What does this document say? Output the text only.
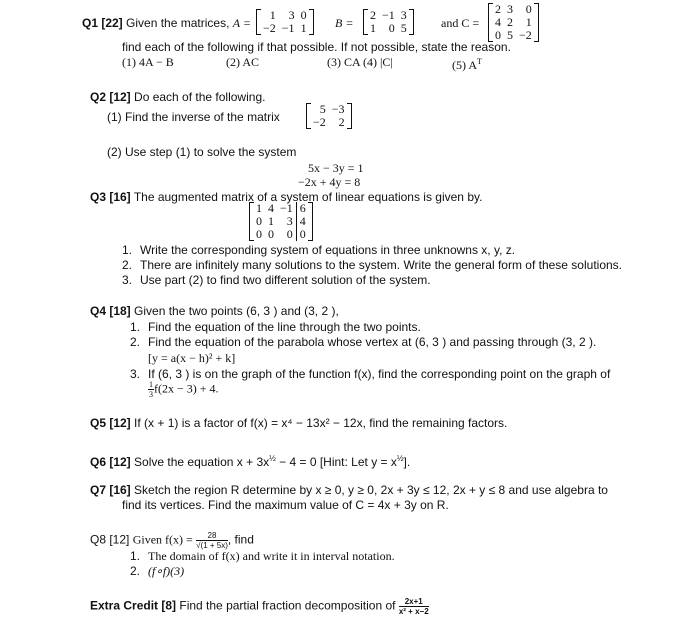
Q1 [22] Given the matrices, A =
1	3	0
−2	−1	1 B =
2	−1	3
1	0	5	and C =
2	3	0
4	2	1
0	5	−2
find each of the following if that possible. If not possible, state the reason.
(1) 4A − B	(2) AC	(3) CA (4) |C|	(5) $A^T$
Q2 [12] Do each of the following.
(1) Find the inverse of the matrix
5	−3
−2	2
(2) Use step (1) to solve the system
5x − 3y = 1
−2x + 4y = 8
Q3 [16] The augmented matrix of a system of linear equations is given by.
1	4	−1	6
0	1	3	4
0	0	0	0
1. Write the corresponding system of equations in three unknowns x, y, z.
2. There are infinitely many solutions to the system. Write the general form of these solutions.
3. Use part (2) to find two different solution of the system.
Q4 [18] Given the two points (6, 3 ) and (3, 2 ),
1. Find the equation of the line through the two points.
2. Find the equation of the parabola whose vertex at (6, 3 ) and passing through (3, 2 ).
[y = a(x − h)² + k]
3. If (6, 3 ) is on the graph of the function f(x), find the corresponding point on the graph of
$\frac{1}{3} f(2x - 3) + 4$.
Q5 [12] If (x + 1) is a factor of f(x) = x⁴ − 13x² − 12x, find the remaining factors.
Q6 [12] Solve the equation $x + 3x^{\frac{1}{2}} - 4 = 0$ [Hint: Let $y = x^{\frac{1}{2}}$].
Q7 [16] Sketch the region R determine by x ≥ 0, y ≥ 0, 2x + 3y ≤ 12, 2x + y ≤ 8 and use algebra to
find its vertices. Find the maximum value of C = 4x + 3y on R.
Q8 [12] Given $f(x) = \frac{28}{√(1 + 5x)}$ , find
1. The domain of f(x) and write it in interval notation.
2. (f∘f)(3)
Extra Credit [8] Find the partial fraction decomposition of $\frac{2x+1}{\text{x² + x−2}}$
